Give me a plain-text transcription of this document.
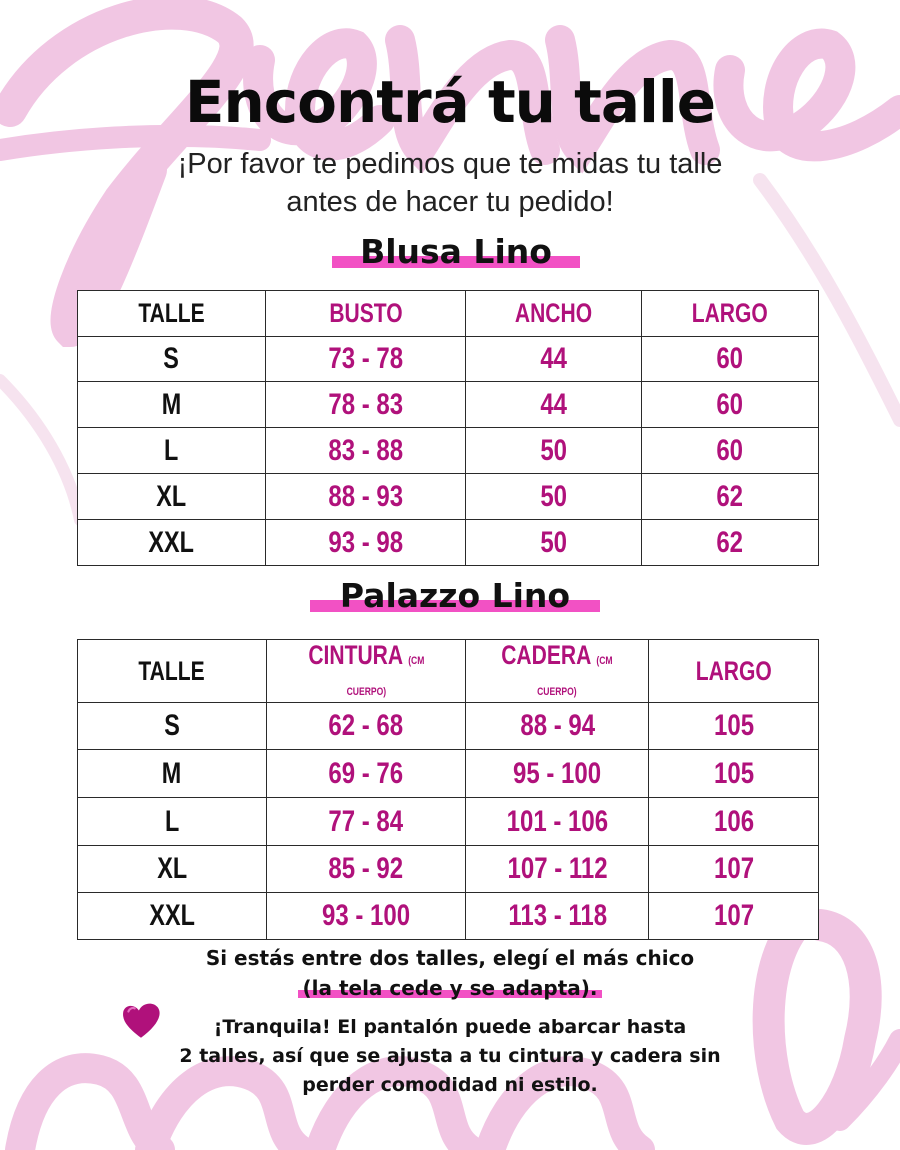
Encontrá tu talle
¡Por favor te pedimos que te midas tu talle
antes de hacer tu pedido!
Blusa Lino
TALLE	BUSTO	ANCHO	LARGO
S	73 - 78	44	60
M	78 - 83	44	60
L	83 - 88	50	60
XL	88 - 93	50	62
XXL	93 - 98	50	62
Palazzo Lino
TALLE	CINTURA (CM CUERPO)	CADERA (CM CUERPO)	LARGO
S	62 - 68	88 - 94	105
M	69 - 76	95 - 100	105
L	77 - 84	101 - 106	106
XL	85 - 92	107 - 112	107
XXL	93 - 100	113 - 118	107
Si estás entre dos talles, elegí el más chico
(la tela cede y se adapta).
¡Tranquila! El pantalón puede abarcar hasta
2 talles, así que se ajusta a tu cintura y cadera sin
perder comodidad ni estilo.
